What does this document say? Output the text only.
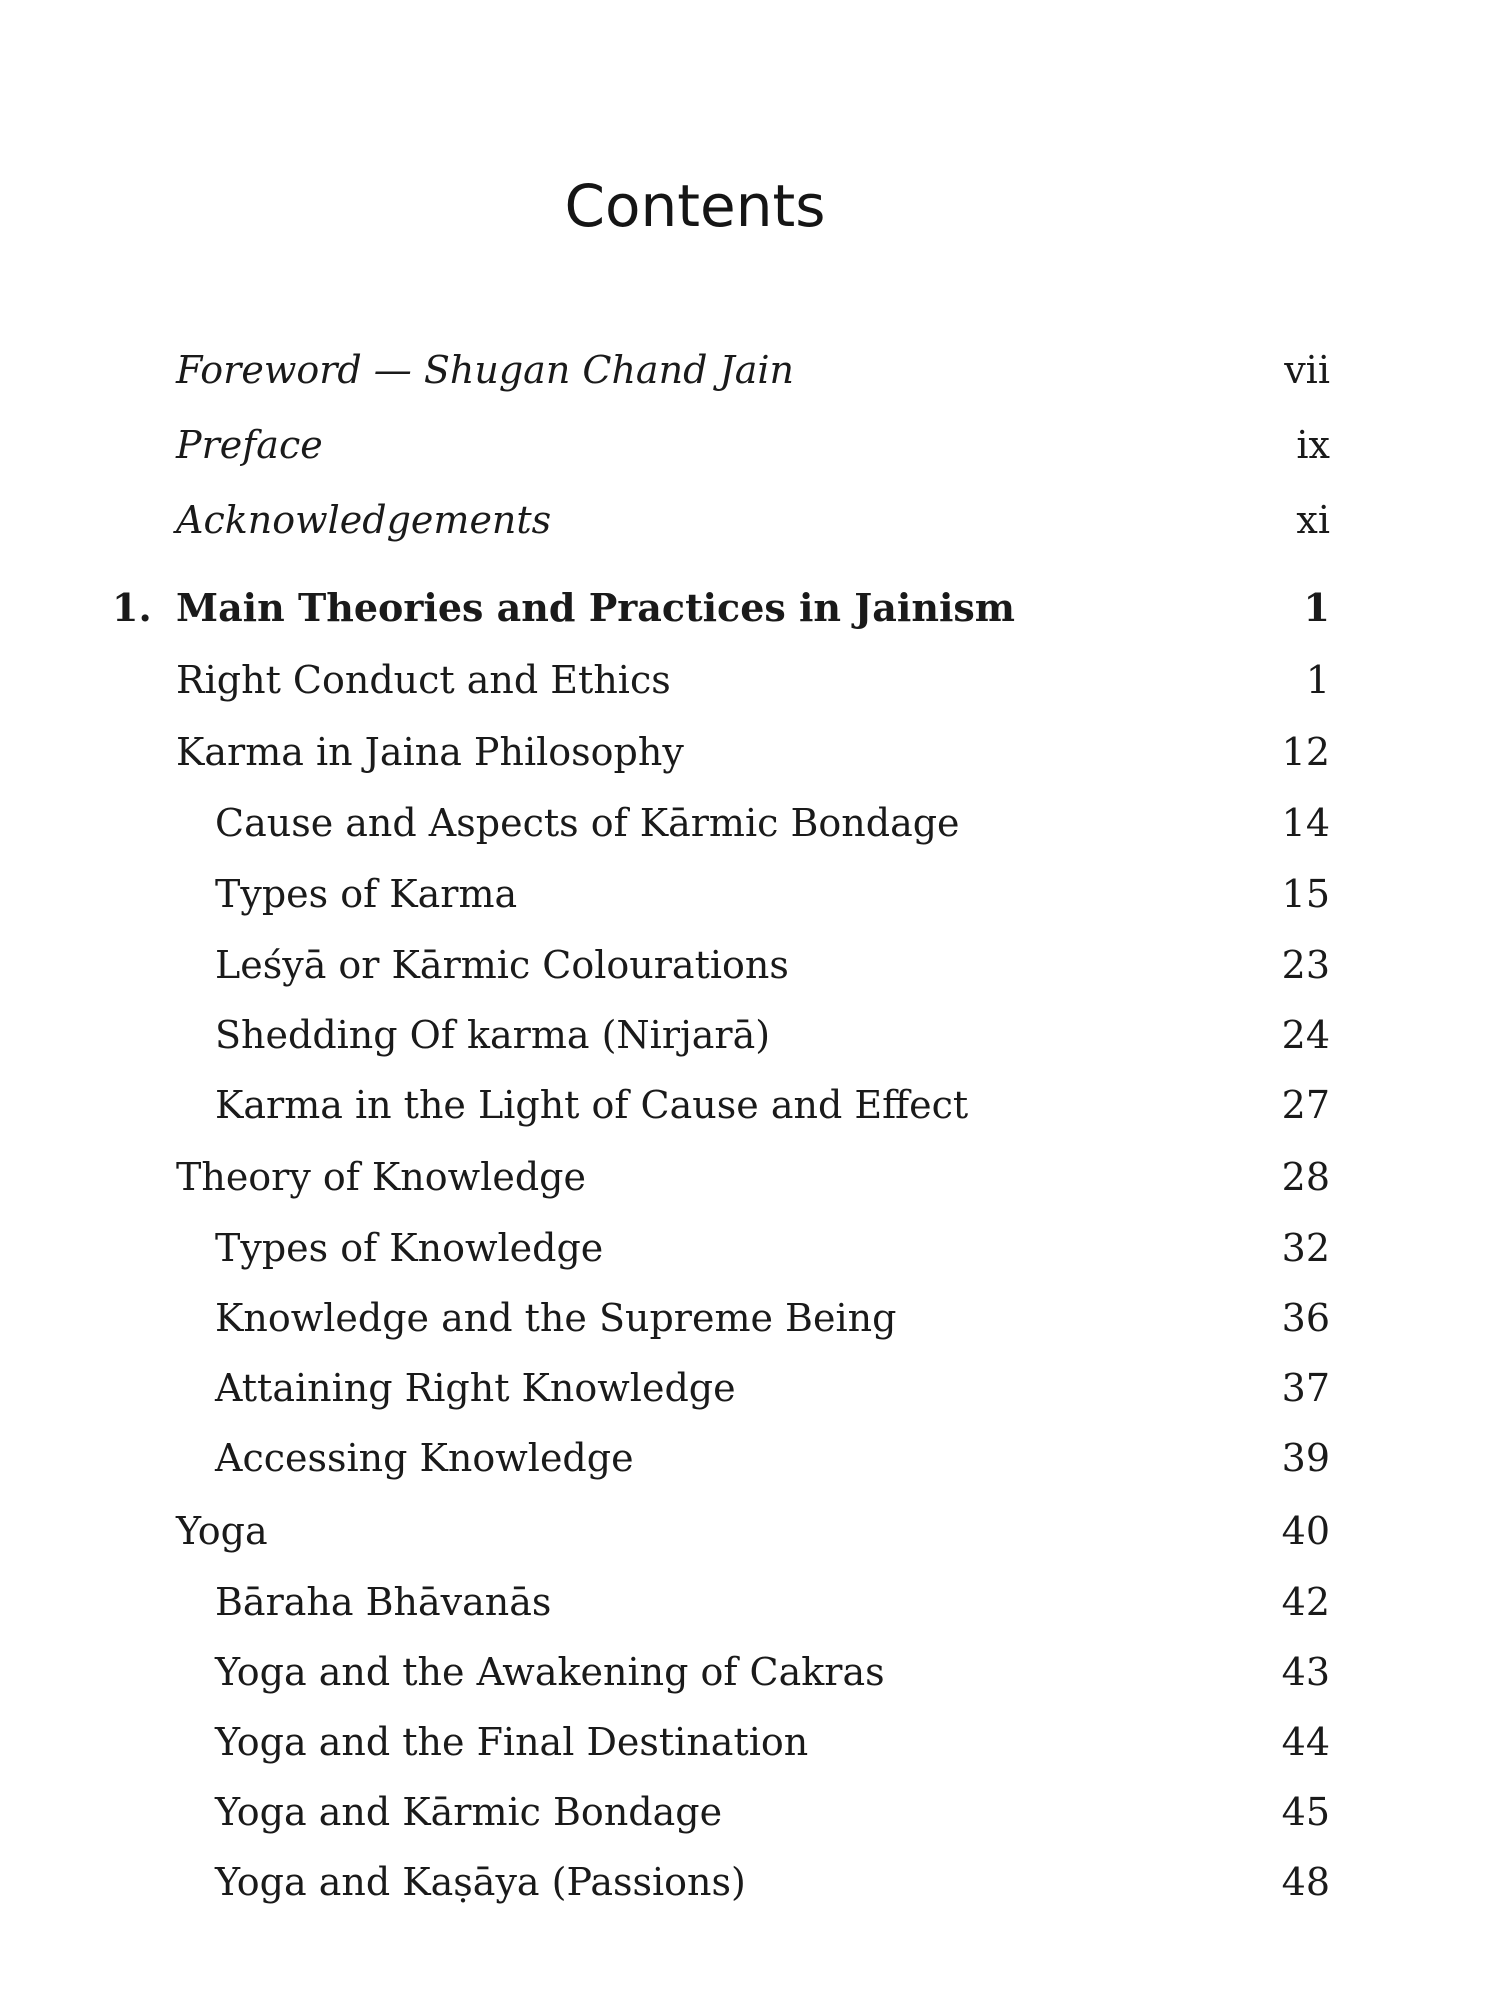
Contents
Foreword — Shugan Chand Jain	vii
Preface	ix
Acknowledgements	xi
1. Main Theories and Practices in Jainism	1
Right Conduct and Ethics	1
Karma in Jaina Philosophy	12
Cause and Aspects of Kārmic Bondage	14
Types of Karma	15
Leśyā or Kārmic Colourations	23
Shedding Of karma (Nirjarā)	24
Karma in the Light of Cause and Effect	27
Theory of Knowledge	28
Types of Knowledge	32
Knowledge and the Supreme Being	36
Attaining Right Knowledge	37
Accessing Knowledge	39
Yoga	40
Bāraha Bhāvanās	42
Yoga and the Awakening of Cakras	43
Yoga and the Final Destination	44
Yoga and Kārmic Bondage	45
Yoga and Kaṣāya (Passions)	48
